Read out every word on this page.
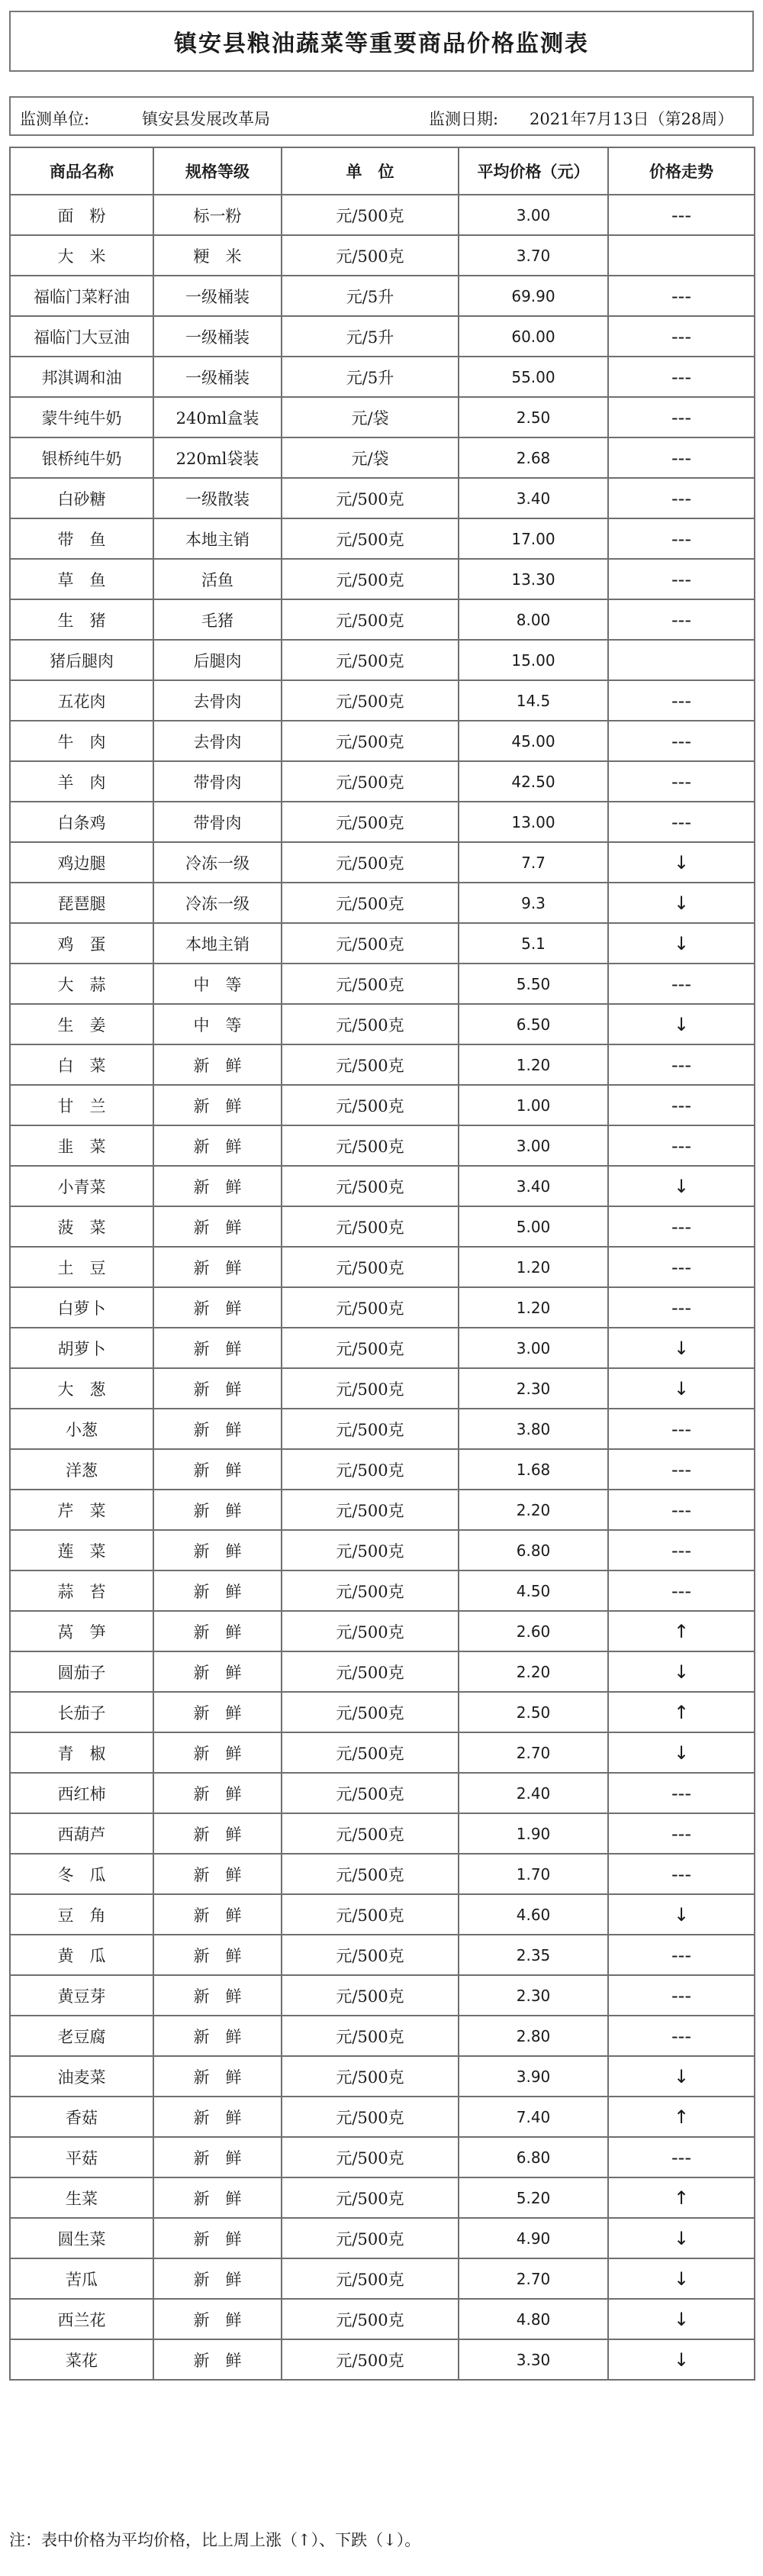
镇安县粮油蔬菜等重要商品价格监测表
监测单位:	镇安县发展改革局	监测日期: 2021年7月13日（第28周）
商品名称	规格等级	单　位	平均价格（元）	价格走势
面　粉	标一粉	元/500克	3.00	---
大　米	粳　米	元/500克	3.70	
福临门菜籽油	一级桶装	元/5升	69.90	---
福临门大豆油	一级桶装	元/5升	60.00	---
邦淇调和油	一级桶装	元/5升	55.00	---
蒙牛纯牛奶	240ml盒装	元/袋	2.50	---
银桥纯牛奶	220ml袋装	元/袋	2.68	---
白砂糖	一级散装	元/500克	3.40	---
带　鱼	本地主销	元/500克	17.00	---
草　鱼	活鱼	元/500克	13.30	---
生　猪	毛猪	元/500克	8.00	---
猪后腿肉	后腿肉	元/500克	15.00	
五花肉	去骨肉	元/500克	14.5	---
牛　肉	去骨肉	元/500克	45.00	---
羊　肉	带骨肉	元/500克	42.50	---
白条鸡	带骨肉	元/500克	13.00	---
鸡边腿	冷冻一级	元/500克	7.7	↓
琵琶腿	冷冻一级	元/500克	9.3	↓
鸡　蛋	本地主销	元/500克	5.1	↓
大　蒜	中　等	元/500克	5.50	---
生　姜	中　等	元/500克	6.50	↓
白　菜	新　鲜	元/500克	1.20	---
甘　兰	新　鲜	元/500克	1.00	---
韭　菜	新　鲜	元/500克	3.00	---
小青菜	新　鲜	元/500克	3.40	↓
菠　菜	新　鲜	元/500克	5.00	---
土　豆	新　鲜	元/500克	1.20	---
白萝卜	新　鲜	元/500克	1.20	---
胡萝卜	新　鲜	元/500克	3.00	↓
大　葱	新　鲜	元/500克	2.30	↓
小葱	新　鲜	元/500克	3.80	---
洋葱	新　鲜	元/500克	1.68	---
芹　菜	新　鲜	元/500克	2.20	---
莲　菜	新　鲜	元/500克	6.80	---
蒜　苔	新　鲜	元/500克	4.50	---
莴　笋	新　鲜	元/500克	2.60	↑
圆茄子	新　鲜	元/500克	2.20	↓
长茄子	新　鲜	元/500克	2.50	↑
青　椒	新　鲜	元/500克	2.70	↓
西红柿	新　鲜	元/500克	2.40	---
西葫芦	新　鲜	元/500克	1.90	---
冬　瓜	新　鲜	元/500克	1.70	---
豆　角	新　鲜	元/500克	4.60	↓
黄　瓜	新　鲜	元/500克	2.35	---
黄豆芽	新　鲜	元/500克	2.30	---
老豆腐	新　鲜	元/500克	2.80	---
油麦菜	新　鲜	元/500克	3.90	↓
香菇	新　鲜	元/500克	7.40	↑
平菇	新　鲜	元/500克	6.80	---
生菜	新　鲜	元/500克	5.20	↑
圆生菜	新　鲜	元/500克	4.90	↓
苦瓜	新　鲜	元/500克	2.70	↓
西兰花	新　鲜	元/500克	4.80	↓
菜花	新　鲜	元/500克	3.30	↓
注：表中价格为平均价格，比上周上涨（↑）、下跌（↓）。
